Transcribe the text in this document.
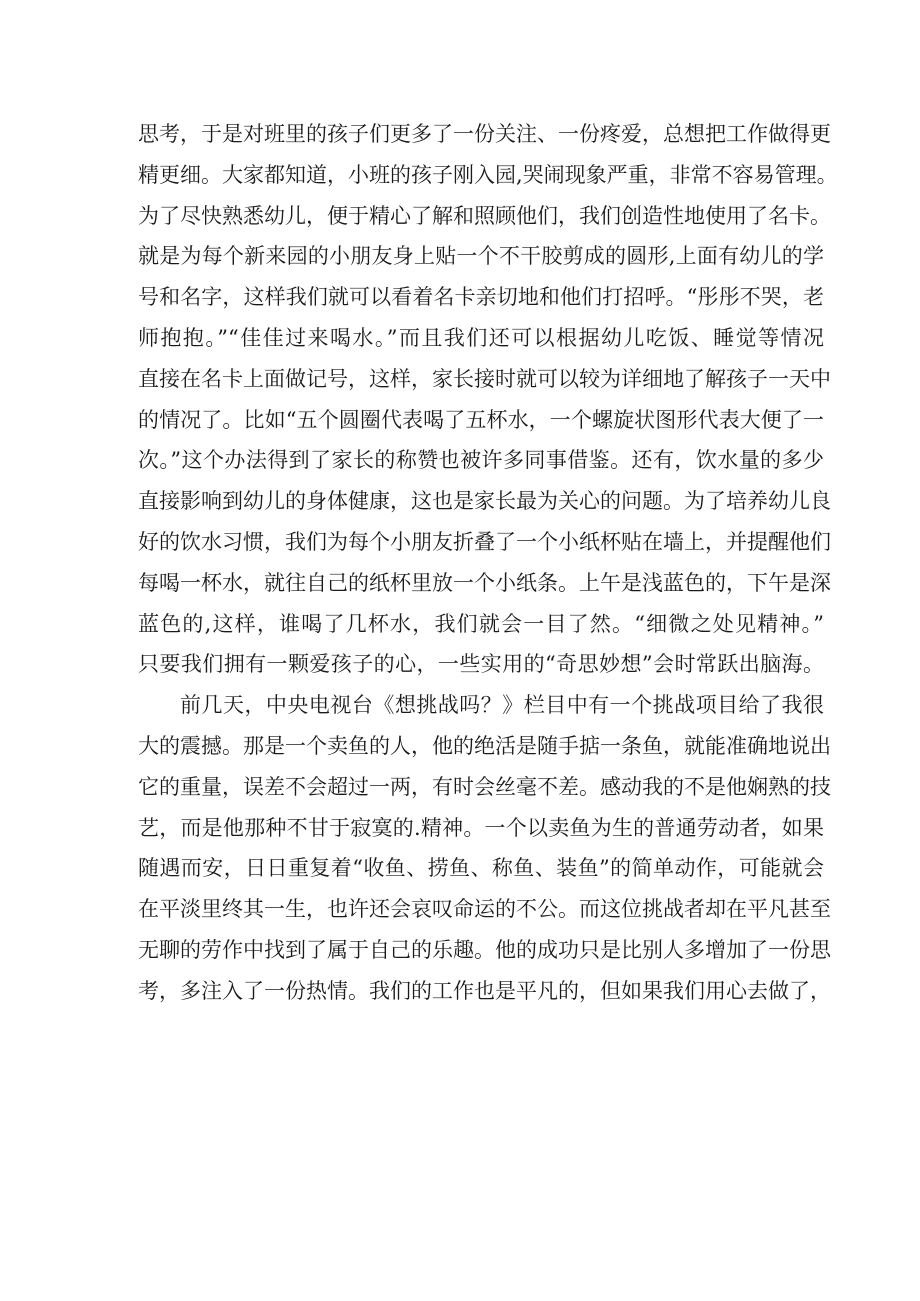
思考，于是对班里的孩子们更多了一份关注、一份疼爱，总想把工作做得更
精更细。大家都知道，小班的孩子刚入园,哭闹现象严重，非常不容易管理。
为了尽快熟悉幼儿，便于精心了解和照顾他们，我们创造性地使用了名卡。
就是为每个新来园的小朋友身上贴一个不干胶剪成的圆形,上面有幼儿的学
号和名字，这样我们就可以看着名卡亲切地和他们打招呼。“彤彤不哭，老
师抱抱。”“佳佳过来喝水。”而且我们还可以根据幼儿吃饭、睡觉等情况
直接在名卡上面做记号，这样，家长接时就可以较为详细地了解孩子一天中
的情况了。比如“五个圆圈代表喝了五杯水，一个螺旋状图形代表大便了一
次。”这个办法得到了家长的称赞也被许多同事借鉴。还有，饮水量的多少
直接影响到幼儿的身体健康，这也是家长最为关心的问题。为了培养幼儿良
好的饮水习惯，我们为每个小朋友折叠了一个小纸杯贴在墙上，并提醒他们
每喝一杯水，就往自己的纸杯里放一个小纸条。上午是浅蓝色的，下午是深
蓝色的,这样，谁喝了几杯水，我们就会一目了然。“细微之处见精神。”
只要我们拥有一颗爱孩子的心，一些实用的“奇思妙想”会时常跃出脑海。
前几天，中央电视台《想挑战吗？》栏目中有一个挑战项目给了我很
大的震撼。那是一个卖鱼的人，他的绝活是随手掂一条鱼，就能准确地说出
它的重量，误差不会超过一两，有时会丝毫不差。感动我的不是他娴熟的技
艺，而是他那种不甘于寂寞的.精神。一个以卖鱼为生的普通劳动者，如果
随遇而安，日日重复着“收鱼、捞鱼、称鱼、装鱼”的简单动作，可能就会
在平淡里终其一生，也许还会哀叹命运的不公。而这位挑战者却在平凡甚至
无聊的劳作中找到了属于自己的乐趣。他的成功只是比别人多增加了一份思
考，多注入了一份热情。我们的工作也是平凡的，但如果我们用心去做了，
